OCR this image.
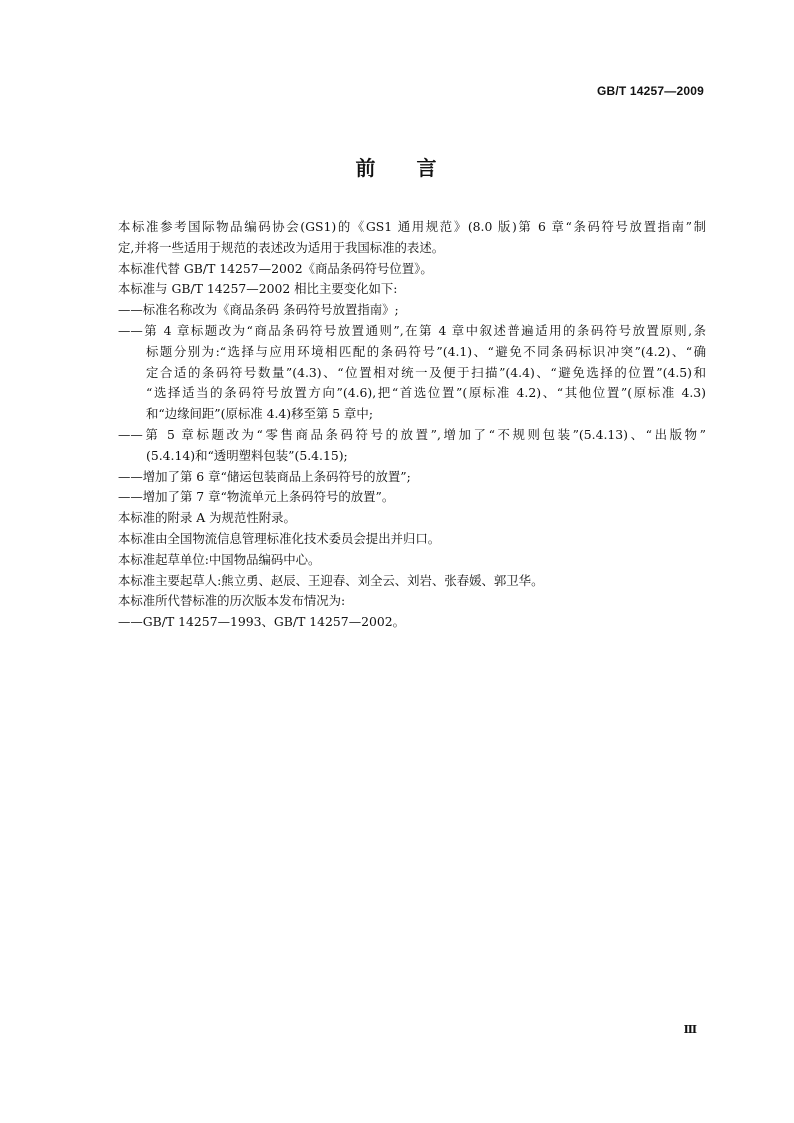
GB/T 14257—2009
前 言
本标准参考国际物品编码协会(GS1)的《GS1 通用规范》(8.0 版)第 6 章“条码符号放置指南”制
定,并将一些适用于规范的表述改为适用于我国标准的表述。
本标准代替 GB/T 14257—2002《商品条码符号位置》。
本标准与 GB/T 14257—2002 相比主要变化如下:
——标准名称改为《商品条码 条码符号放置指南》;
——第 4 章标题改为“商品条码符号放置通则”,在第 4 章中叙述普遍适用的条码符号放置原则,条
标题分别为:“选择与应用环境相匹配的条码符号”(4.1)、“避免不同条码标识冲突”(4.2)、“确
定合适的条码符号数量”(4.3)、“位置相对统一及便于扫描”(4.4)、“避免选择的位置”(4.5)和
“选择适当的条码符号放置方向”(4.6),把“首选位置”(原标准 4.2)、“其他位置”(原标准 4.3)
和“边缘间距”(原标准 4.4)移至第 5 章中;
——第 5 章标题改为“零售商品条码符号的放置”,增加了“不规则包装”(5.4.13)、“出版物”
(5.4.14)和“透明塑料包装”(5.4.15);
——增加了第 6 章“储运包装商品上条码符号的放置”;
——增加了第 7 章“物流单元上条码符号的放置”。
本标准的附录 A 为规范性附录。
本标准由全国物流信息管理标准化技术委员会提出并归口。
本标准起草单位:中国物品编码中心。
本标准主要起草人:熊立勇、赵辰、王迎春、刘全云、刘岩、张春媛、郭卫华。
本标准所代替标准的历次版本发布情况为:
——GB/T 14257—1993、GB/T 14257—2002。
Ⅲ
